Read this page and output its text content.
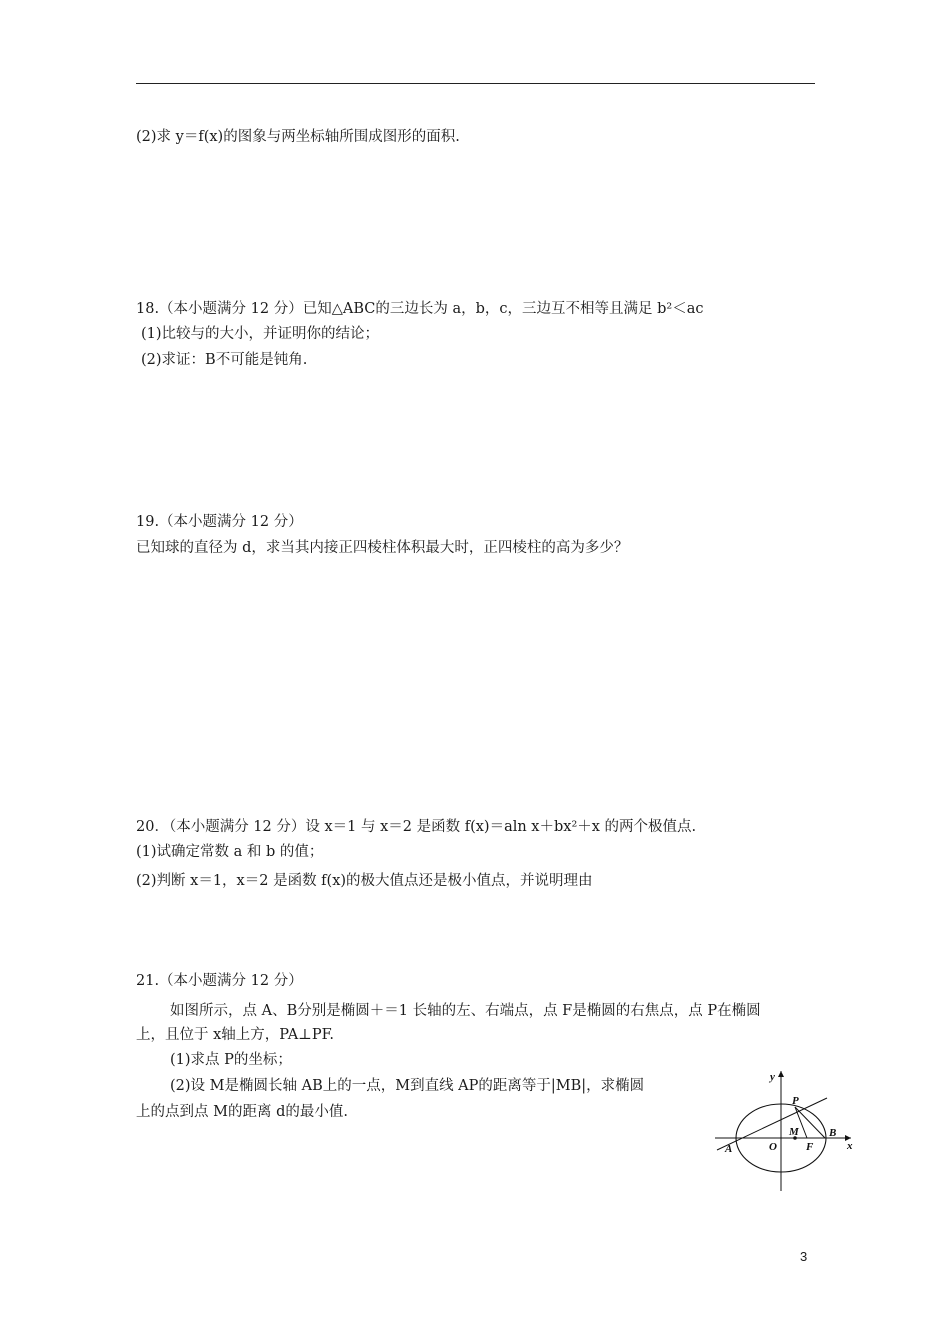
(2)求 y＝f(x)的图象与两坐标轴所围成图形的面积.
18.（本小题满分 12 分）已知△ABC的三边长为 a，b，c，三边互不相等且满足 b²＜ac
(1)比较与的大小，并证明你的结论；
(2)求证：B不可能是钝角.
19.（本小题满分 12 分）
已知球的直径为 d，求当其内接正四棱柱体积最大时，正四棱柱的高为多少？
20．（本小题满分 12 分）设 x＝1 与 x＝2 是函数 f(x)＝aln x＋bx²＋x 的两个极值点.
(1)试确定常数 a 和 b 的值；
(2)判断 x＝1，x＝2 是函数 f(x)的极大值点还是极小值点，并说明理由
21.（本小题满分 12 分）
如图所示，点 A、B分别是椭圆＋＝1 长轴的左、右端点，点 F是椭圆的右焦点，点 P在椭圆
上，且位于 x轴上方，PA⊥PF.
(1)求点 P的坐标；
(2)设 M是椭圆长轴 AB上的一点，M到直线 AP的距离等于|MB|，求椭圆
上的点到点 M的距离 d的最小值.
y
x
P
M	B
A	O	F
3
